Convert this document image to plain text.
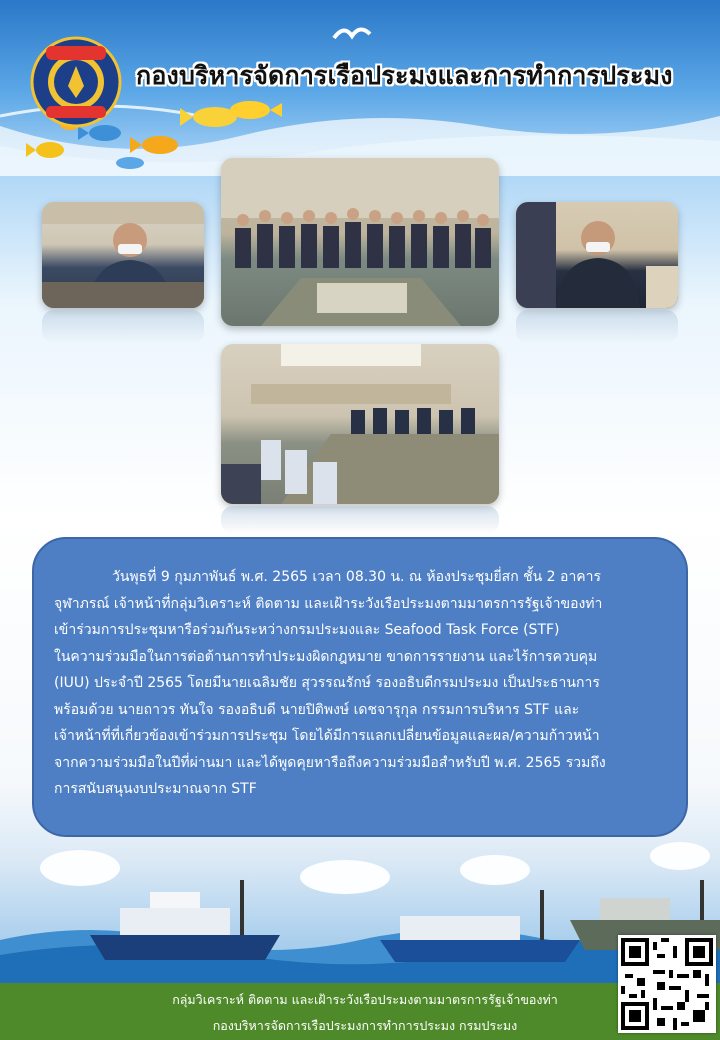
กองบริหารจัดการเรือประมงและการทำการประมง
วันพุธที่ 9 กุมภาพันธ์ พ.ศ. 2565 เวลา 08.30 น. ณ ห้องประชุมยี่สก ชั้น 2 อาคาร
จุฬาภรณ์ เจ้าหน้าที่กลุ่มวิเคราะห์ ติดตาม และเฝ้าระวังเรือประมงตามมาตรการรัฐเจ้าของท่า
เข้าร่วมการประชุมหารือร่วมกันระหว่างกรมประมงและ Seafood Task Force (STF)
ในความร่วมมือในการต่อต้านการทำประมงผิดกฎหมาย ขาดการรายงาน และไร้การควบคุม
(IUU) ประจำปี 2565 โดยมีนายเฉลิมชัย สุวรรณรักษ์ รองอธิบดีกรมประมง เป็นประธานการ
พร้อมด้วย นายถาวร ทันใจ รองอธิบดี นายปิติพงษ์ เดชจารุกุล กรรมการบริหาร STF และ
เจ้าหน้าที่ที่เกี่ยวข้องเข้าร่วมการประชุม โดยได้มีการแลกเปลี่ยนข้อมูลและผล/ความก้าวหน้า
จากความร่วมมือในปีที่ผ่านมา และได้พูดคุยหารือถึงความร่วมมือสำหรับปี พ.ศ. 2565 รวมถึง
การสนับสนุนงบประมาณจาก STF
กลุ่มวิเคราะห์ ติดตาม และเฝ้าระวังเรือประมงตามมาตรการรัฐเจ้าของท่า
กองบริหารจัดการเรือประมงการทำการประมง กรมประมง
